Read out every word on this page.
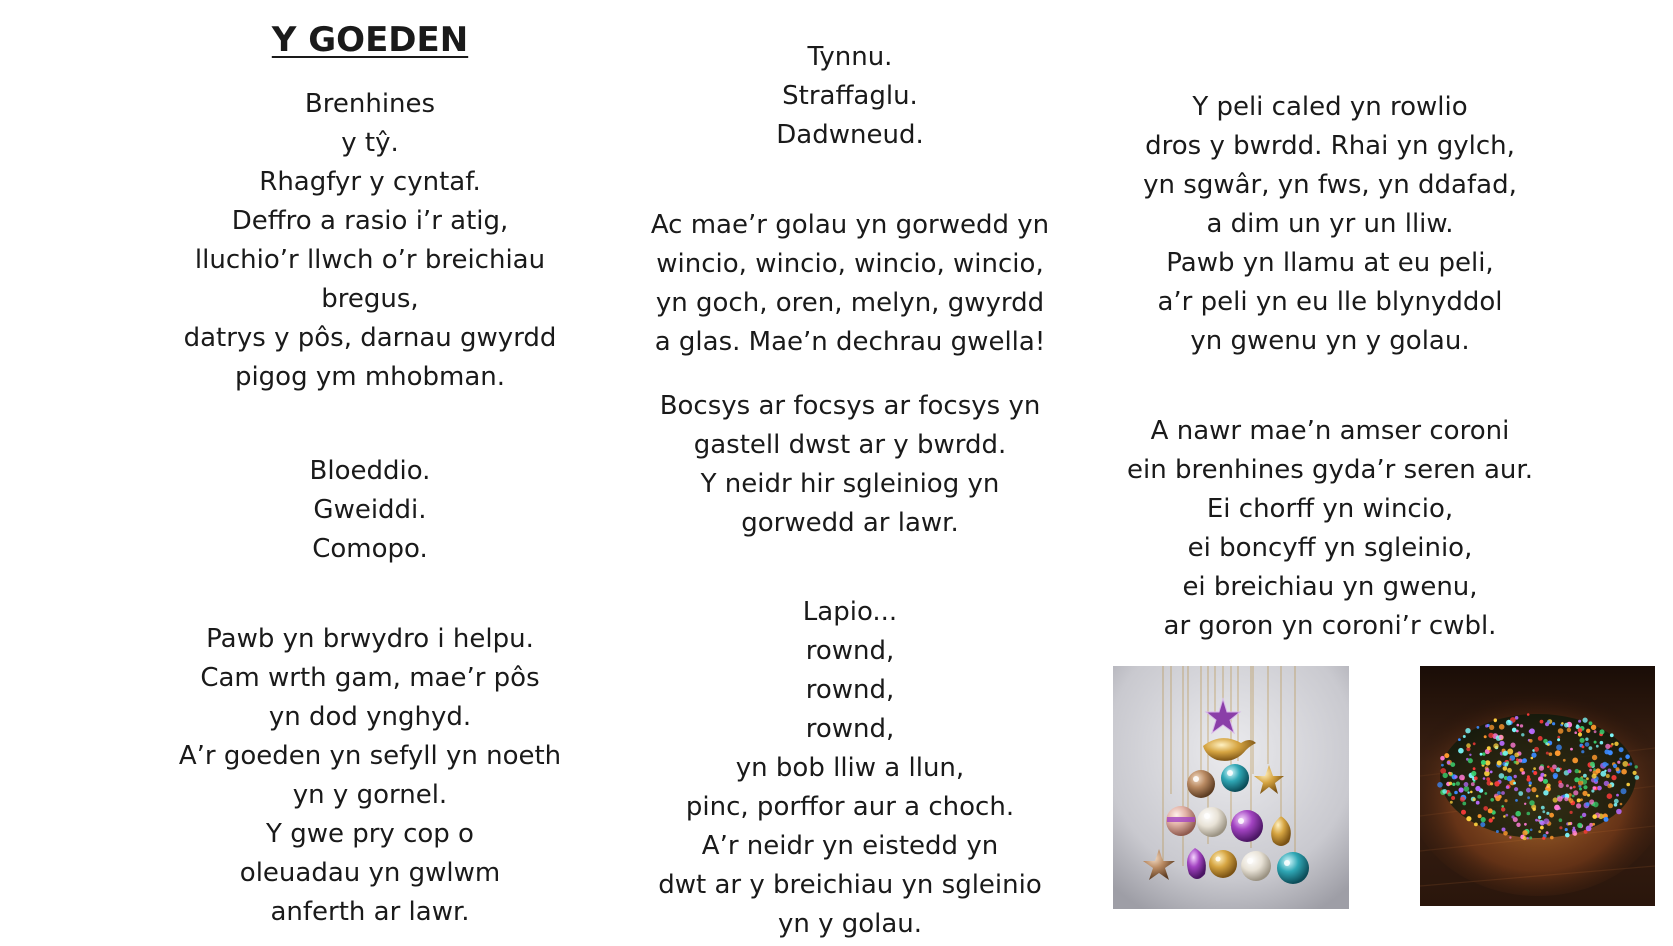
Y GOEDEN
Brenhines
y tŷ.
Rhagfyr y cyntaf.
Deffro a rasio i’r atig,
lluchio’r llwch o’r breichiau
bregus,
datrys y pôs, darnau gwyrdd
pigog ym mhobman.
Bloeddio.
Gweiddi.
Comopo.
Pawb yn brwydro i helpu.
Cam wrth gam, mae’r pôs
yn dod ynghyd.
A’r goeden yn sefyll yn noeth
yn y gornel.
Y gwe pry cop o
oleuadau yn gwlwm
anferth ar lawr.
Tynnu.
Straffaglu.
Dadwneud.
Ac mae’r golau yn gorwedd yn
wincio, wincio, wincio, wincio,
yn goch, oren, melyn, gwyrdd
a glas. Mae’n dechrau gwella!
Bocsys ar focsys ar focsys yn
gastell dwst ar y bwrdd.
Y neidr hir sgleiniog yn
gorwedd ar lawr.
Lapio...
rownd,
rownd,
rownd,
yn bob lliw a llun,
pinc, porffor aur a choch.
A’r neidr yn eistedd yn
dwt ar y breichiau yn sgleinio
yn y golau.
Y peli caled yn rowlio
dros y bwrdd. Rhai yn gylch,
yn sgwâr, yn fws, yn ddafad,
a dim un yr un lliw.
Pawb yn llamu at eu peli,
a’r peli yn eu lle blynyddol
yn gwenu yn y golau.
A nawr mae’n amser coroni
ein brenhines gyda’r seren aur.
Ei chorff yn wincio,
ei boncyff yn sgleinio,
ei breichiau yn gwenu,
ar goron yn coroni’r cwbl.
